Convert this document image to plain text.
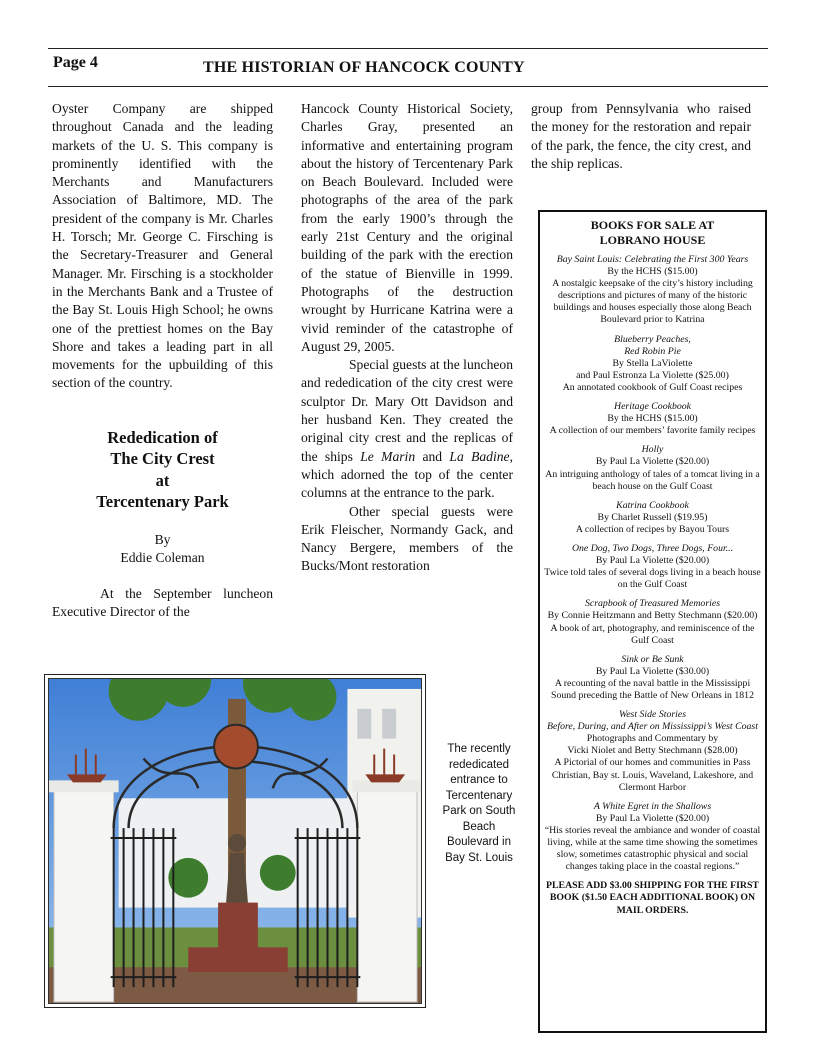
Page 4	THE HISTORIAN OF HANCOCK COUNTY

Oyster Company are shipped throughout Canada and the leading markets of the U. S. This company is prominently identified with the Merchants and Manufacturers Association of Baltimore, MD. The president of the company is Mr. Charles H. Torsch; Mr. George C. Firsching is the Secretary-Treasurer and General Manager. Mr. Firsching is a stockholder in the Merchants Bank and a Trustee of the Bay St. Louis High School; he owns one of the prettiest homes on the Bay Shore and takes a leading part in all movements for the upbuilding of this section of the country.

Rededication of
The City Crest
at
Tercentenary Park
By
Eddie Coleman

At the September luncheon Executive Director of the

Hancock County Historical Society, Charles Gray, presented an informative and entertaining program about the history of Tercentenary Park on Beach Boulevard. Included were photographs of the area of the park from the early 1900’s through the early 21st Century and the original building of the park with the erection of the statue of Bienville in 1999. Photographs of the destruction wrought by Hurricane Katrina were a vivid reminder of the catastrophe of August 29, 2005.

Special guests at the luncheon and rededication of the city crest were sculptor Dr. Mary Ott Davidson and her husband Ken. They created the original city crest and the replicas of the ships Le Marin and La Badine, which adorned the top of the center columns at the entrance to the park.

Other special guests were Erik Fleischer, Normandy Gack, and Nancy Bergere, members of the Bucks/Mont restoration

group from Pennsylvania who raised the money for the restoration and repair of the park, the fence, the city crest, and the ship replicas.

The recently rededicated entrance to Tercentenary Park on South Beach Boulevard in Bay St. Louis
BOOKS FOR SALE AT
LOBRANO HOUSE
Bay Saint Louis: Celebrating the First 300 Years
By the HCHS ($15.00)
A nostalgic keepsake of the city’s history including descriptions and pictures of many of the historic buildings and houses especially those along Beach Boulevard prior to Katrina
Blueberry Peaches,
Red Robin Pie
By Stella LaViolette
and Paul Estronza La Violette ($25.00)
An annotated cookbook of Gulf Coast recipes
Heritage Cookbook
By the HCHS ($15.00)
A collection of our members’ favorite family recipes
Holly
By Paul La Violette ($20.00)
An intriguing anthology of tales of a tomcat living in a beach house on the Gulf Coast
Katrina Cookbook
By Charlet Russell ($19.95)
A collection of recipes by Bayou Tours
One Dog, Two Dogs, Three Dogs, Four...
By Paul La Violette ($20.00)
Twice told tales of several dogs living in a beach house on the Gulf Coast
Scrapbook of Treasured Memories
By Connie Heitzmann and Betty Stechmann ($20.00)
A book of art, photography, and reminiscence of the Gulf Coast
Sink or Be Sunk
By Paul La Violette ($30.00)
A recounting of the naval battle in the Mississippi Sound preceding the Battle of New Orleans in 1812
West Side Stories
Before, During, and After on Mississippi’s West Coast
Photographs and Commentary by
Vicki Niolet and Betty Stechmann ($28.00)
A Pictorial of our homes and communities in Pass Christian, Bay st. Louis, Waveland, Lakeshore, and Clermont Harbor
A White Egret in the Shallows
By Paul La Violette ($20.00)
“His stories reveal the ambiance and wonder of coastal living, while at the same time showing the sometimes slow, sometimes catastrophic physical and social changes taking place in the coastal regions.”
PLEASE ADD $3.00 SHIPPING FOR THE FIRST BOOK ($1.50 EACH ADDITIONAL BOOK) ON MAIL ORDERS.
